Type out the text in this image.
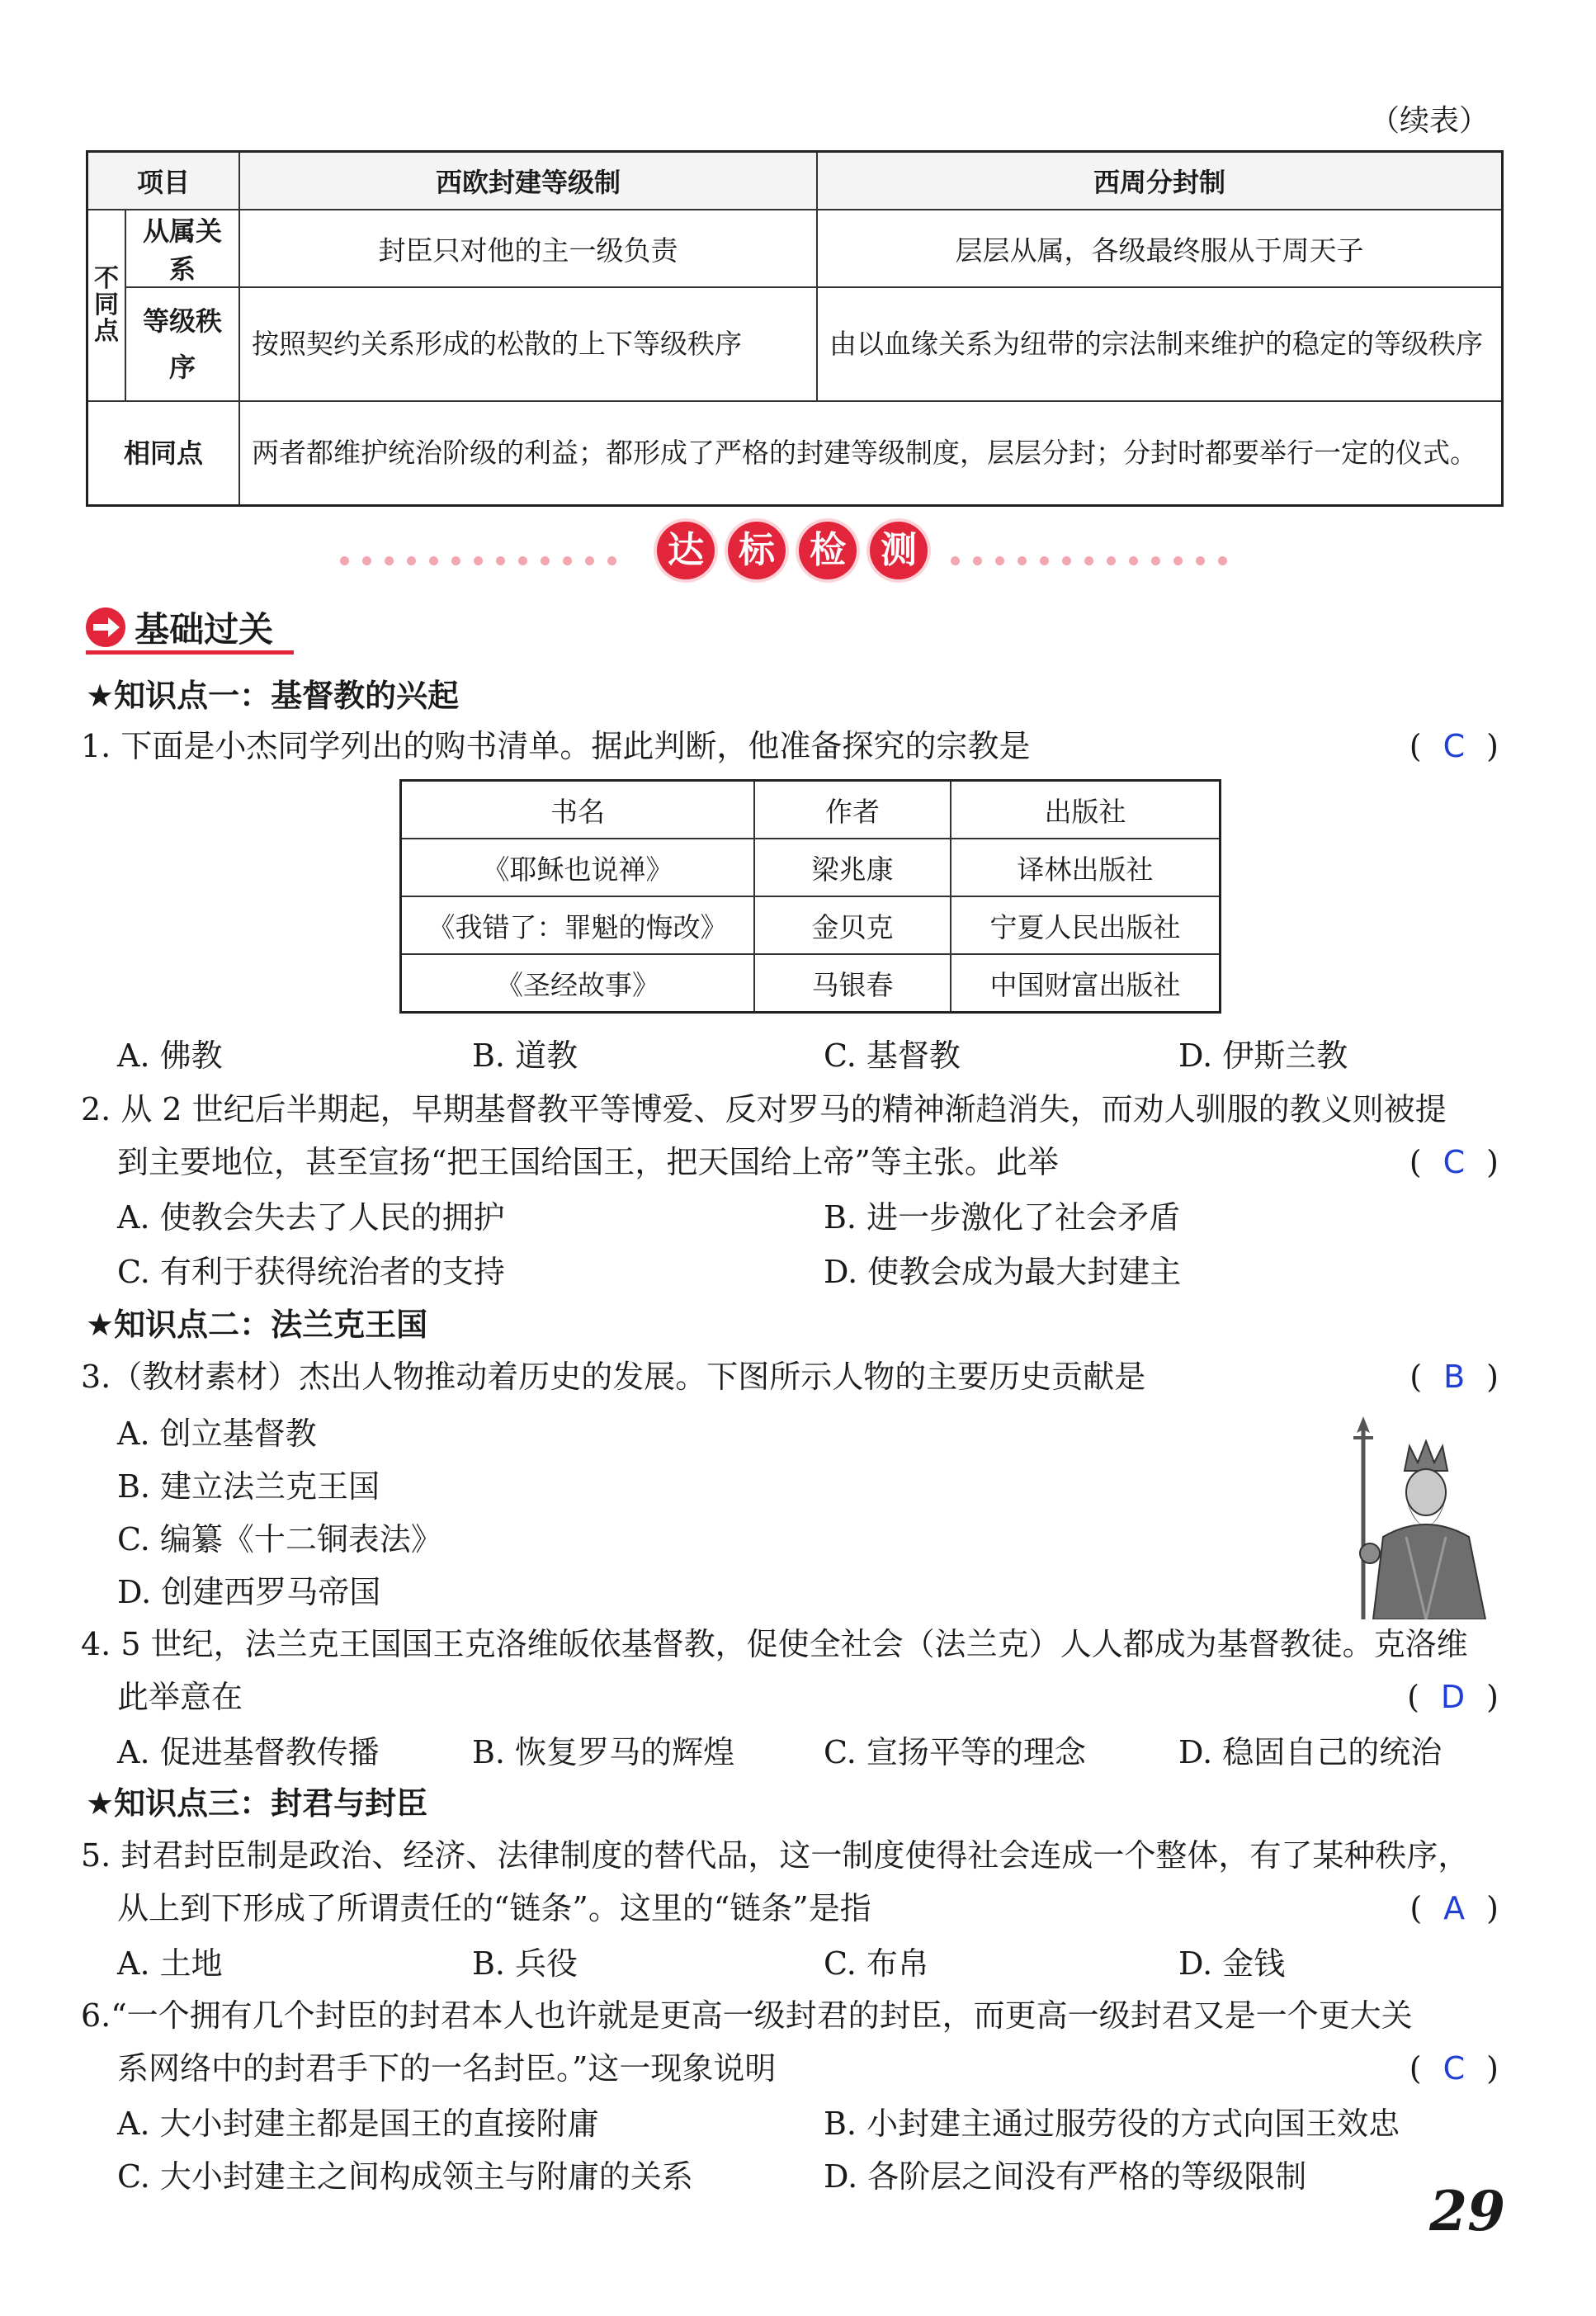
（续表）
项目		西欧封建等级制	西周分封制
不同点	从属关系	封臣只对他的主一级负责	层层从属，各级最终服从于周天子
	等级秩序	按照契约关系形成的松散的上下等级秩序	由以血缘关系为纽带的宗法制来维护的稳定的等级秩序
相同点		两者都维护统治阶级的利益；都形成了严格的封建等级制度，层层分封；分封时都要举行一定的仪式。	
达 标 检 测
基础过关
★知识点一：基督教的兴起
1. 下面是小杰同学列出的购书清单。据此判断，他准备探究的宗教是	( C )
书名	作者	出版社
《耶稣也说禅》	梁兆康	译林出版社
《我错了：罪魁的悔改》	金贝克	宁夏人民出版社
《圣经故事》	马银春	中国财富出版社
A. 佛教	B. 道教	C. 基督教	D. 伊斯兰教
2. 从 2 世纪后半期起，早期基督教平等博爱、反对罗马的精神渐趋消失，而劝人驯服的教义则被提
到主要地位，甚至宣扬“把王国给国王，把天国给上帝”等主张。此举	( C )
A. 使教会失去了人民的拥护	B. 进一步激化了社会矛盾
C. 有利于获得统治者的支持	D. 使教会成为最大封建主
★知识点二：法兰克王国
3.（教材素材）杰出人物推动着历史的发展。下图所示人物的主要历史贡献是	( B )
A. 创立基督教
B. 建立法兰克王国
C. 编纂《十二铜表法》
D. 创建西罗马帝国
4. 5 世纪，法兰克王国国王克洛维皈依基督教，促使全社会（法兰克）人人都成为基督教徒。克洛维
此举意在	( D )
A. 促进基督教传播	B. 恢复罗马的辉煌	C. 宣扬平等的理念	D. 稳固自己的统治
★知识点三：封君与封臣
5. 封君封臣制是政治、经济、法律制度的替代品，这一制度使得社会连成一个整体，有了某种秩序，
从上到下形成了所谓责任的“链条”。这里的“链条”是指	( A )
A. 土地	B. 兵役	C. 布帛	D. 金钱
6.“一个拥有几个封臣的封君本人也许就是更高一级封君的封臣，而更高一级封君又是一个更大关
系网络中的封君手下的一名封臣。”这一现象说明	( C )
A. 大小封建主都是国王的直接附庸	B. 小封建主通过服劳役的方式向国王效忠
C. 大小封建主之间构成领主与附庸的关系	D. 各阶层之间没有严格的等级限制
29
